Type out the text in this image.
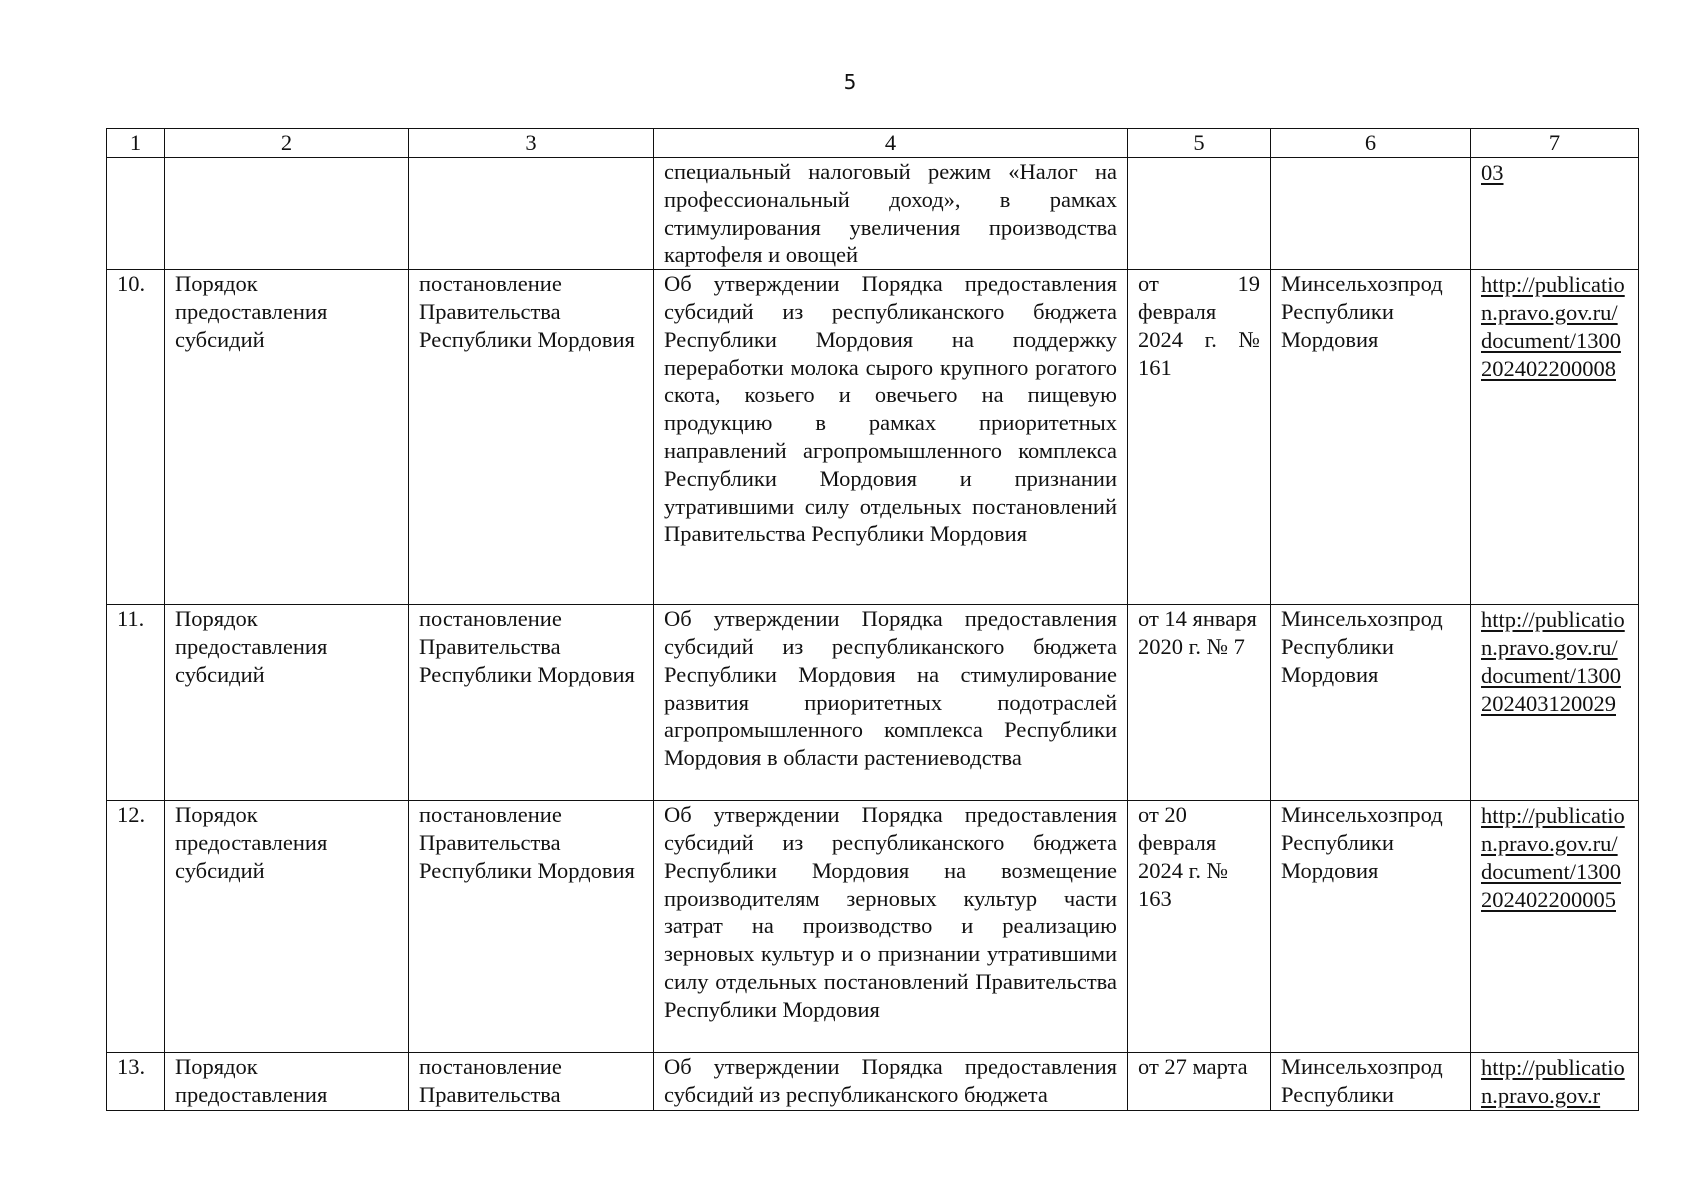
5
1	2	3	4	5	6	7
			специальный налоговый режим «Налог на профессиональный доход», в рамках стимулирования увеличения производства картофеля и овощей			03

10.	Порядок предоставления субсидий	постановление Правительства Республики Мордовия	Об утверждении Порядка предоставления субсидий из республиканского бюджета Республики Мордовия на поддержку переработки молока сырого крупного рогатого скота, козьего и овечьего на пищевую продукцию в рамках приоритетных направлений агропромышленного комплекса Республики Мордовия и признании утратившими силу отдельных постановлений Правительства Республики Мордовия	от 19 февраля 2024 г. № 161	Минсельхозпрод Республики Мордовия	http://publication.pravo.gov.ru/document/1300202402200008

11.	Порядок предоставления субсидий	постановление Правительства Республики Мордовия	Об утверждении Порядка предоставления субсидий из республиканского бюджета Республики Мордовия на стимулирование развития приоритетных подотраслей агропромышленного комплекса Республики Мордовия в области растениеводства	от 14 января 2020 г. № 7	Минсельхозпрод Республики Мордовия	http://publication.pravo.gov.ru/document/1300202403120029

12.	Порядок предоставления субсидий	постановление Правительства Республики Мордовия	Об утверждении Порядка предоставления субсидий из республиканского бюджета Республики Мордовия на возмещение производителям зерновых культур части затрат на производство и реализацию зерновых культур и о признании утратившими силу отдельных постановлений Правительства Республики Мордовия	от 20 февраля 2024 г. № 163	Минсельхозпрод Республики Мордовия	http://publication.pravo.gov.ru/document/1300202402200005

13.	Порядок предоставления	постановление Правительства	Об утверждении Порядка предоставления субсидий из республиканского бюджета	от 27 марта	Минсельхозпрод Республики	http://publication.pravo.gov.r
